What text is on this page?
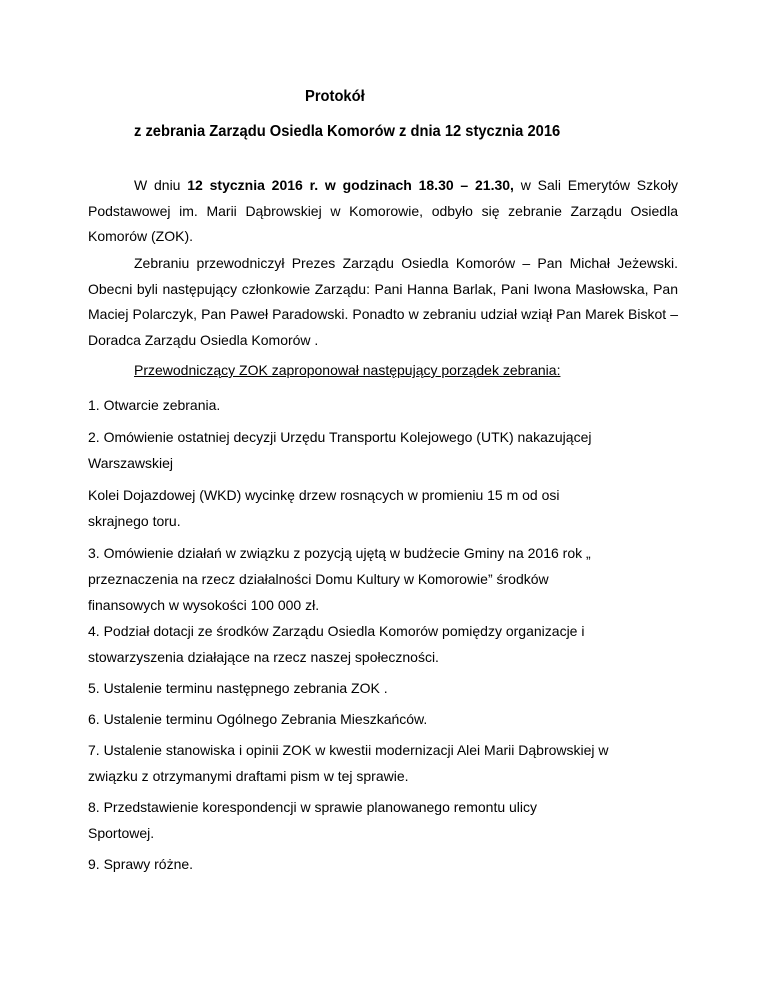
Protokół
z zebrania Zarządu Osiedla Komorów z dnia 12 stycznia 2016
W dniu 12 stycznia 2016 r. w godzinach 18.30 – 21.30, w Sali Emerytów Szkoły Podstawowej im. Marii Dąbrowskiej w Komorowie, odbyło się zebranie Zarządu Osiedla Komorów (ZOK).
Zebraniu przewodniczył Prezes Zarządu Osiedla Komorów – Pan Michał Jeżewski. Obecni byli następujący członkowie Zarządu: Pani Hanna Barlak, Pani Iwona Masłowska, Pan Maciej Polarczyk, Pan Paweł Paradowski. Ponadto w zebraniu udział wziął Pan Marek Biskot – Doradca Zarządu Osiedla Komorów .
Przewodniczący ZOK zaproponował następujący porządek zebrania:
1. Otwarcie zebrania.
2. Omówienie ostatniej decyzji Urzędu Transportu Kolejowego (UTK) nakazującej
Warszawskiej
Kolei Dojazdowej (WKD) wycinkę drzew rosnących w promieniu 15 m od osi
skrajnego toru.
3. Omówienie działań w związku z pozycją ujętą w budżecie Gminy na 2016 rok „
przeznaczenia na rzecz działalności Domu Kultury w Komorowie” środków
finansowych w wysokości 100 000 zł.
4. Podział dotacji ze środków Zarządu Osiedla Komorów pomiędzy organizacje i
stowarzyszenia działające na rzecz naszej społeczności.
5. Ustalenie terminu następnego zebrania ZOK .
6. Ustalenie terminu Ogólnego Zebrania Mieszkańców.
7. Ustalenie stanowiska i opinii ZOK w kwestii modernizacji Alei Marii Dąbrowskiej w
związku z otrzymanymi draftami pism w tej sprawie.
8. Przedstawienie korespondencji w sprawie planowanego remontu ulicy
Sportowej.
9. Sprawy różne.
